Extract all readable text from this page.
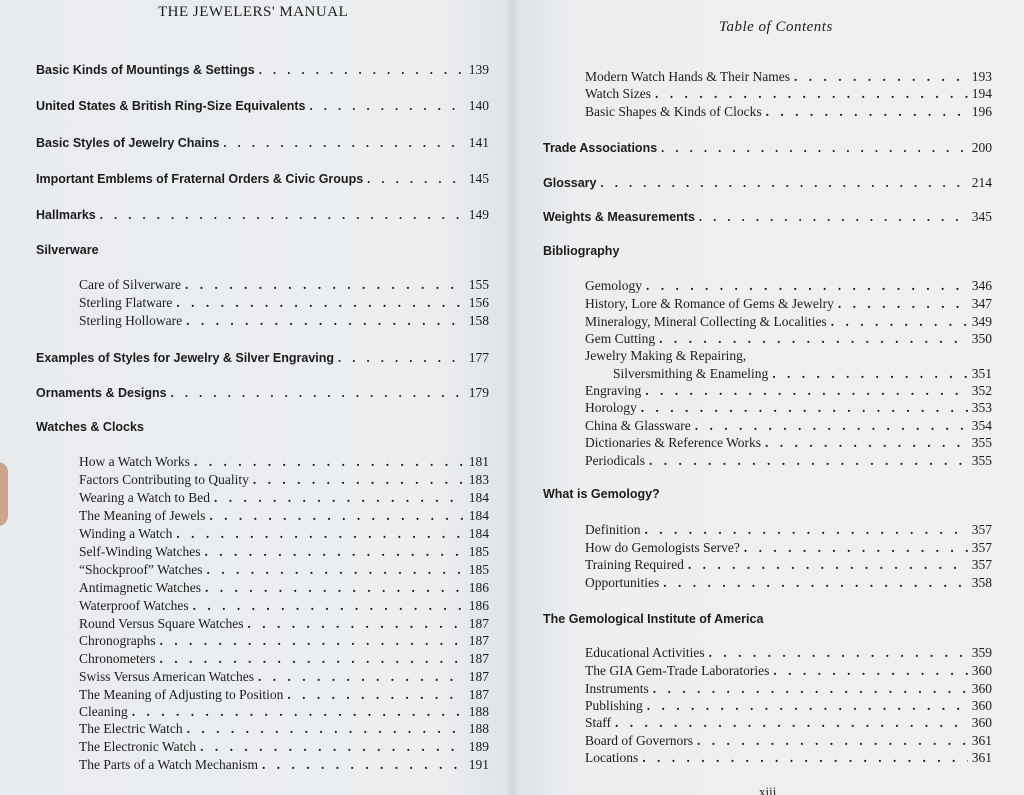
THE JEWELERS' MANUAL
Basic Kinds of Mountings & Settings . . .	139
United States & British Ring-Size Equivalents . . .	140
Basic Styles of Jewelry Chains . . .	141
Important Emblems of Fraternal Orders & Civic Groups . . .	145
Hallmarks . . .	149
Silverware
Care of Silverware . . .	155
Sterling Flatware . . .	156
Sterling Holloware . . .	158
Examples of Styles for Jewelry & Silver Engraving . . .	177
Ornaments & Designs . . .	179
Watches & Clocks
How a Watch Works . . .	181
Factors Contributing to Quality . . .	183
Wearing a Watch to Bed . . .	184
The Meaning of Jewels . . .	184
Winding a Watch . . .	184
Self-Winding Watches . . .	185
“Shockproof” Watches . . .	185
Antimagnetic Watches . . .	186
Waterproof Watches . . .	186
Round Versus Square Watches . . .	187
Chronographs . . .	187
Chronometers . . .	187
Swiss Versus American Watches . . .	187
The Meaning of Adjusting to Position . . .	187
Cleaning . . .	188
The Electric Watch . . .	188
The Electronic Watch . . .	189
The Parts of a Watch Mechanism . . .	191
Table of Contents
Modern Watch Hands & Their Names . . .	193
Watch Sizes . . .	194
Basic Shapes & Kinds of Clocks . . .	196
Trade Associations . . .	200
Glossary . . .	214
Weights & Measurements . . .	345
Bibliography
Gemology . . .	346
History, Lore & Romance of Gems & Jewelry . . .	347
Mineralogy, Mineral Collecting & Localities . . .	349
Gem Cutting . . .	350
Jewelry Making & Repairing,
Silversmithing & Enameling . . .	351
Engraving . . .	352
Horology . . .	353
China & Glassware . . .	354
Dictionaries & Reference Works . . .	355
Periodicals . . .	355
What is Gemology?
Definition . . .	357
How do Gemologists Serve? . . .	357
Training Required . . .	357
Opportunities . . .	358
The Gemological Institute of America
Educational Activities . . .	359
The GIA Gem-Trade Laboratories . . .	360
Instruments . . .	360
Publishing . . .	360
Staff . . .	360
Board of Governors . . .	361
Locations . . .	361
xiii
